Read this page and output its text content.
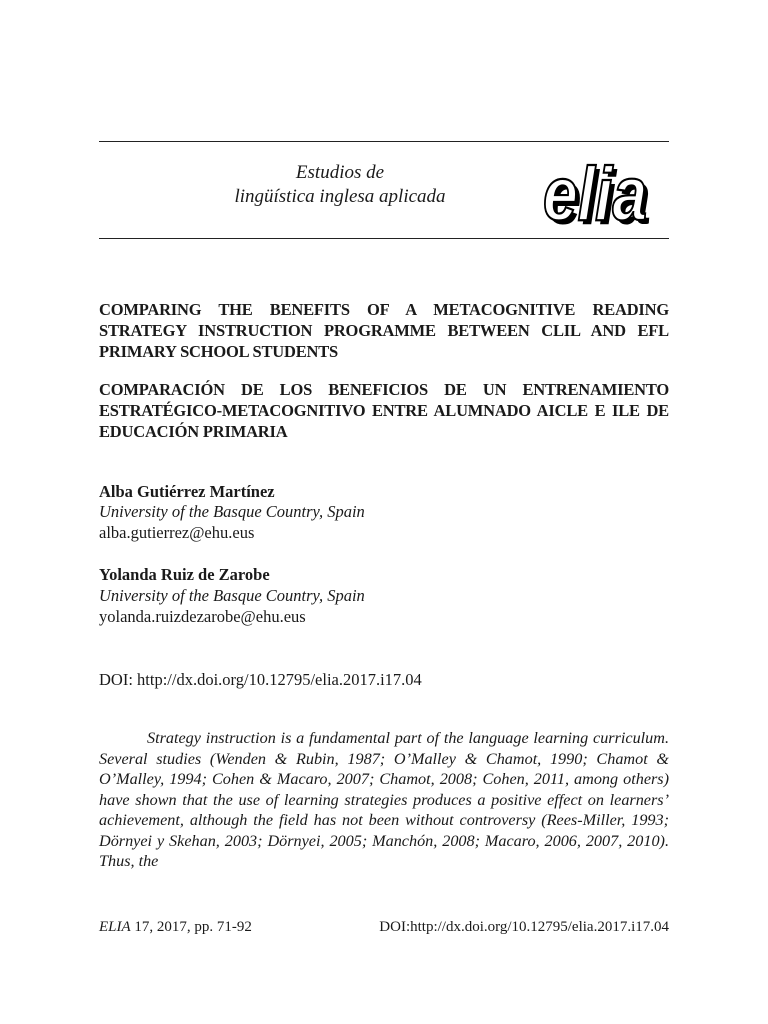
Estudios de
lingüística inglesa aplicada	elia
elia
COMPARING THE BENEFITS OF A METACOGNITIVE READING STRATEGY INSTRUCTION PROGRAMME BETWEEN CLIL AND EFL PRIMARY SCHOOL STUDENTS
COMPARACIÓN DE LOS BENEFICIOS DE UN ENTRENAMIENTO ESTRATÉGICO-METACOGNITIVO ENTRE ALUMNADO AICLE E ILE DE EDUCACIÓN PRIMARIA
Alba Gutiérrez Martínez
University of the Basque Country, Spain
alba.gutierrez@ehu.eus
Yolanda Ruiz de Zarobe
University of the Basque Country, Spain
yolanda.ruizdezarobe@ehu.eus
DOI: http://dx.doi.org/10.12795/elia.2017.i17.04

Strategy instruction is a fundamental part of the language learning curriculum. Several studies (Wenden & Rubin, 1987; O’Malley & Chamot, 1990; Chamot & O’Malley, 1994; Cohen & Macaro, 2007; Chamot, 2008; Cohen, 2011, among others) have shown that the use of learning strategies produces a positive effect on learners’ achievement, although the field has not been without controversy (Rees-Miller, 1993; Dörnyei y Skehan, 2003; Dörnyei, 2005; Manchón, 2008; Macaro, 2006, 2007, 2010). Thus, the

ELIA 17, 2017, pp. 71-92	DOI:http://dx.doi.org/10.12795/elia.2017.i17.04
